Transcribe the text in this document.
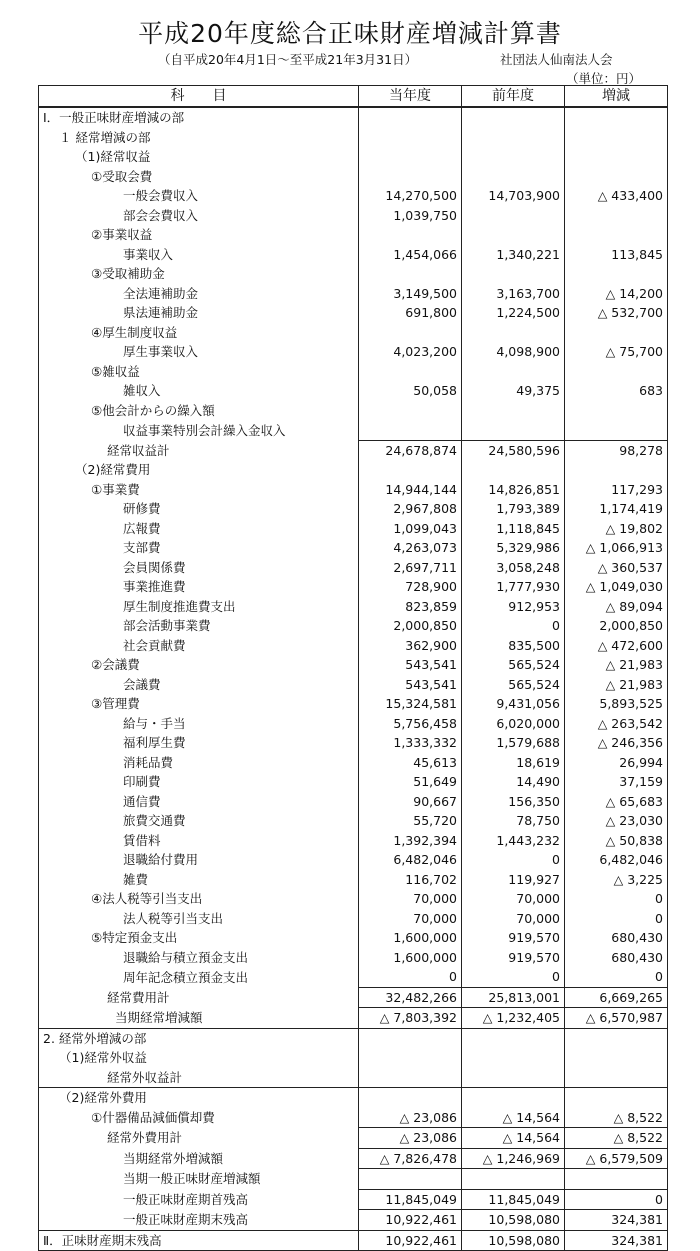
平成20年度総合正味財産増減計算書
（自平成20年4月1日～至平成21年3月31日）	社団法人仙南法人会
（単位：円）
科　　目	当年度	前年度	増減
Ⅰ．一般正味財産増減の部			
１ 経常増減の部			
（1)経常収益			
①受取会費			
一般会費収入	14,270,500	14,703,900	△ 433,400
部会会費収入	1,039,750		
②事業収益			
事業収入	1,454,066	1,340,221	113,845
③受取補助金			
全法連補助金	3,149,500	3,163,700	△ 14,200
県法連補助金	691,800	1,224,500	△ 532,700
④厚生制度収益			
厚生事業収入	4,023,200	4,098,900	△ 75,700
⑤雑収益			
雑収入	50,058	49,375	683
⑤他会計からの繰入額			
収益事業特別会計繰入金収入			
経常収益計	24,678,874	24,580,596	98,278
（2)経常費用			
①事業費	14,944,144	14,826,851	117,293
研修費	2,967,808	1,793,389	1,174,419
広報費	1,099,043	1,118,845	△ 19,802
支部費	4,263,073	5,329,986	△ 1,066,913
会員関係費	2,697,711	3,058,248	△ 360,537
事業推進費	728,900	1,777,930	△ 1,049,030
厚生制度推進費支出	823,859	912,953	△ 89,094
部会活動事業費	2,000,850	0	2,000,850
社会貢献費	362,900	835,500	△ 472,600
②会議費	543,541	565,524	△ 21,983
会議費	543,541	565,524	△ 21,983
③管理費	15,324,581	9,431,056	5,893,525
給与・手当	5,756,458	6,020,000	△ 263,542
福利厚生費	1,333,332	1,579,688	△ 246,356
消耗品費	45,613	18,619	26,994
印刷費	51,649	14,490	37,159
通信費	90,667	156,350	△ 65,683
旅費交通費	55,720	78,750	△ 23,030
賃借料	1,392,394	1,443,232	△ 50,838
退職給付費用	6,482,046	0	6,482,046
雑費	116,702	119,927	△ 3,225
④法人税等引当支出	70,000	70,000	0
法人税等引当支出	70,000	70,000	0
⑤特定預金支出	1,600,000	919,570	680,430
退職給与積立預金支出	1,600,000	919,570	680,430
周年記念積立預金支出	0	0	0
経常費用計	32,482,266	25,813,001	6,669,265
当期経常増減額	△ 7,803,392	△ 1,232,405	△ 6,570,987
2. 経常外増減の部			
（1)経常外収益			
経常外収益計			
（2)経常外費用			
①什器備品減価償却費	△ 23,086	△ 14,564	△ 8,522
経常外費用計	△ 23,086	△ 14,564	△ 8,522
当期経常外増減額	△ 7,826,478	△ 1,246,969	△ 6,579,509
当期一般正味財産増減額			
一般正味財産期首残高	11,845,049	11,845,049	0
一般正味財産期末残高	10,922,461	10,598,080	324,381
Ⅱ．正味財産期末残高	10,922,461	10,598,080	324,381
